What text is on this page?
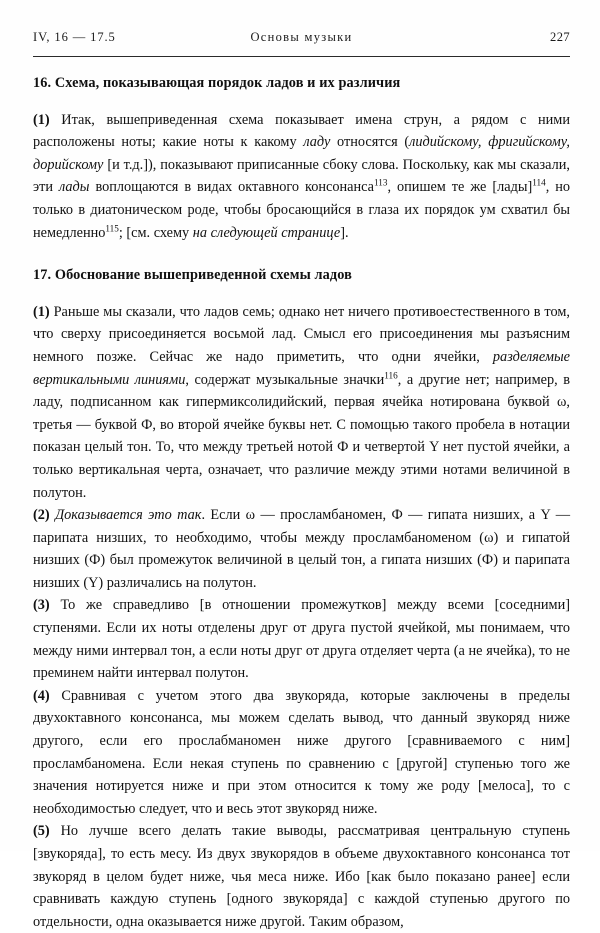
IV, 16 — 17.5	Основы музыки	227
16. Схема, показывающая порядок ладов и их различия

(1) Итак, вышеприведенная схема показывает имена струн, а рядом с ними расположены ноты; какие ноты к какому ладу относятся (лидийскому, фригийскому, дорийскому [и т.д.]), показывают приписанные сбоку слова. Поскольку, как мы сказали, эти лады воплощаются в видах октавного консонанса$^{113}$, опишем те же [лады]$^{114}$, но только в диатоническом роде, чтобы бросающийся в глаза их порядок ум схватил бы немедленно$^{115}$; [см. схему на следующей странице].

17. Обоснование вышеприведенной схемы ладов

(1) Раньше мы сказали, что ладов семь; однако нет ничего противоестественного в том, что сверху присоединяется восьмой лад. Смысл его присоединения мы разъясним немного позже. Сейчас же надо приметить, что одни ячейки, разделяемые вертикальными линиями, содержат музыкальные значки$^{116}$, а другие нет; например, в ладу, подписанном как гипермиксолидийский, первая ячейка нотирована буквой ω, третья — буквой Ф, во второй ячейке буквы нет. С помощью такого пробела в нотации показан целый тон. То, что между третьей нотой Ф и четвертой Υ нет пустой ячейки, а только вертикальная черта, означает, что различие между этими нотами величиной в полутон.

(2) Доказывается это так. Если ω — просламбаномен, Ф — гипата низших, а Υ — парипата низших, то необходимо, чтобы между просламбаноменом (ω) и гипатой низших (Ф) был промежуток величиной в целый тон, а гипата низших (Ф) и парипата низших (Υ) различались на полутон.

(3) То же справедливо [в отношении промежутков] между всеми [соседними] ступенями. Если их ноты отделены друг от друга пустой ячейкой, мы понимаем, что между ними интервал тон, а если ноты друг от друга отделяет черта (а не ячейка), то не преминем найти интервал полутон.

(4) Сравнивая с учетом этого два звукоряда, которые заключены в пределы двухоктавного консонанса, мы можем сделать вывод, что данный звукоряд ниже другого, если его прослабманомен ниже другого [сравниваемого с ним] просламбаномена. Если некая ступень по сравнению с [другой] ступенью того же значения нотируется ниже и при этом относится к тому же роду [мелоса], то с необходимостью следует, что и весь этот звукоряд ниже.

(5) Но лучше всего делать такие выводы, рассматривая центральную ступень [звукоряда], то есть месу. Из двух звукорядов в объеме двухоктавного консонанса тот звукоряд в целом будет ниже, чья меса ниже. Ибо [как было показано ранее] если сравнивать каждую ступень [одного звукоряда] с каждой ступенью другого по отдельности, одна оказывается ниже другой. Таким образом,
